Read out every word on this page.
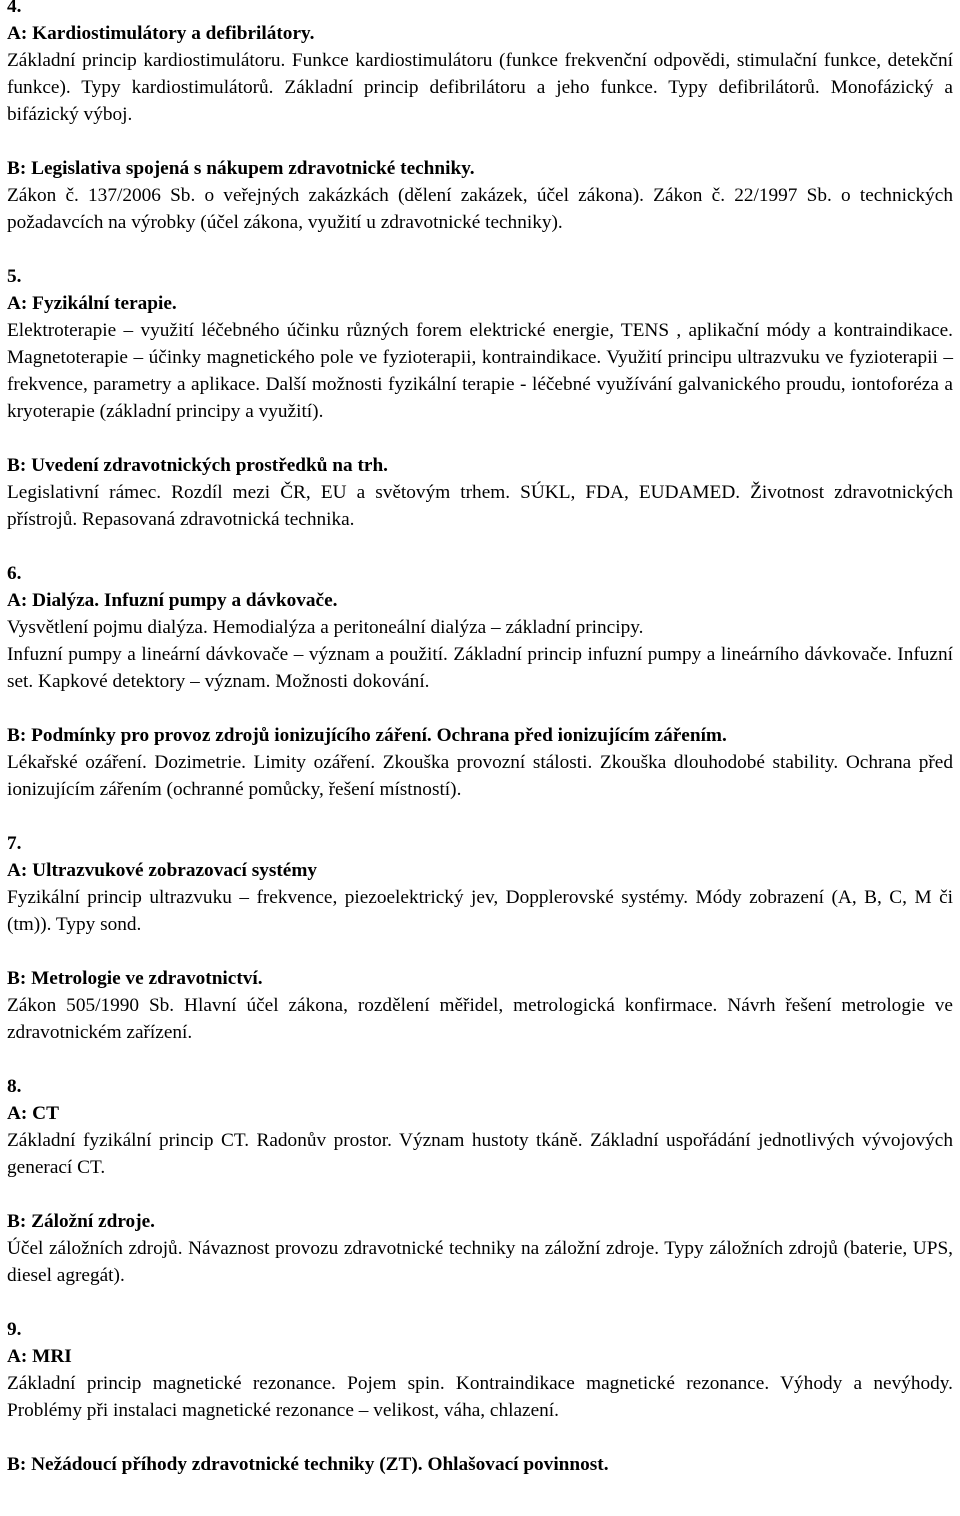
4.

A: Kardiostimulátory a defibrilátory.

Základní princip kardiostimulátoru. Funkce kardiostimulátoru (funkce frekvenční odpovědi, stimulační funkce, detekční funkce). Typy kardiostimulátorů. Základní princip defibrilátoru a jeho funkce. Typy defibrilátorů. Monofázický a bifázický výboj.

B: Legislativa spojená s nákupem zdravotnické techniky.

Zákon č. 137/2006 Sb. o veřejných zakázkách (dělení zakázek, účel zákona). Zákon č. 22/1997 Sb. o technických požadavcích na výrobky (účel zákona, využití u zdravotnické techniky).

5.

A: Fyzikální terapie.

Elektroterapie – využití léčebného účinku různých forem elektrické energie, TENS , aplikační módy a kontraindikace. Magnetoterapie – účinky magnetického pole ve fyzioterapii, kontraindikace. Využití principu ultrazvuku ve fyzioterapii – frekvence, parametry a aplikace. Další možnosti fyzikální terapie - léčebné využívání galvanického proudu, iontoforéza a kryoterapie (základní principy a využití).

B: Uvedení zdravotnických prostředků na trh.

Legislativní rámec. Rozdíl mezi ČR, EU a světovým trhem. SÚKL, FDA, EUDAMED. Životnost zdravotnických přístrojů. Repasovaná zdravotnická technika.

6.

A: Dialýza. Infuzní pumpy a dávkovače.

Vysvětlení pojmu dialýza. Hemodialýza a peritoneální dialýza – základní principy.

Infuzní pumpy a lineární dávkovače – význam a použití. Základní princip infuzní pumpy a lineárního dávkovače. Infuzní set. Kapkové detektory – význam. Možnosti dokování.

B: Podmínky pro provoz zdrojů ionizujícího záření. Ochrana před ionizujícím zářením.

Lékařské ozáření. Dozimetrie. Limity ozáření. Zkouška provozní stálosti. Zkouška dlouhodobé stability. Ochrana před ionizujícím zářením (ochranné pomůcky, řešení místností).

7.

A: Ultrazvukové zobrazovací systémy

Fyzikální princip ultrazvuku – frekvence, piezoelektrický jev, Dopplerovské systémy. Módy zobrazení (A, B, C, M či (tm)). Typy sond.

B: Metrologie ve zdravotnictví.

Zákon 505/1990 Sb. Hlavní účel zákona, rozdělení měřidel, metrologická konfirmace. Návrh řešení metrologie ve zdravotnickém zařízení.

8.

A: CT

Základní fyzikální princip CT. Radonův prostor. Význam hustoty tkáně. Základní uspořádání jednotlivých vývojových generací CT.

B: Záložní zdroje.

Účel záložních zdrojů. Návaznost provozu zdravotnické techniky na záložní zdroje. Typy záložních zdrojů (baterie, UPS, diesel agregát).

9.

A: MRI

Základní princip magnetické rezonance. Pojem spin. Kontraindikace magnetické rezonance. Výhody a nevýhody. Problémy při instalaci magnetické rezonance – velikost, váha, chlazení.

B: Nežádoucí příhody zdravotnické techniky (ZT). Ohlašovací povinnost.
